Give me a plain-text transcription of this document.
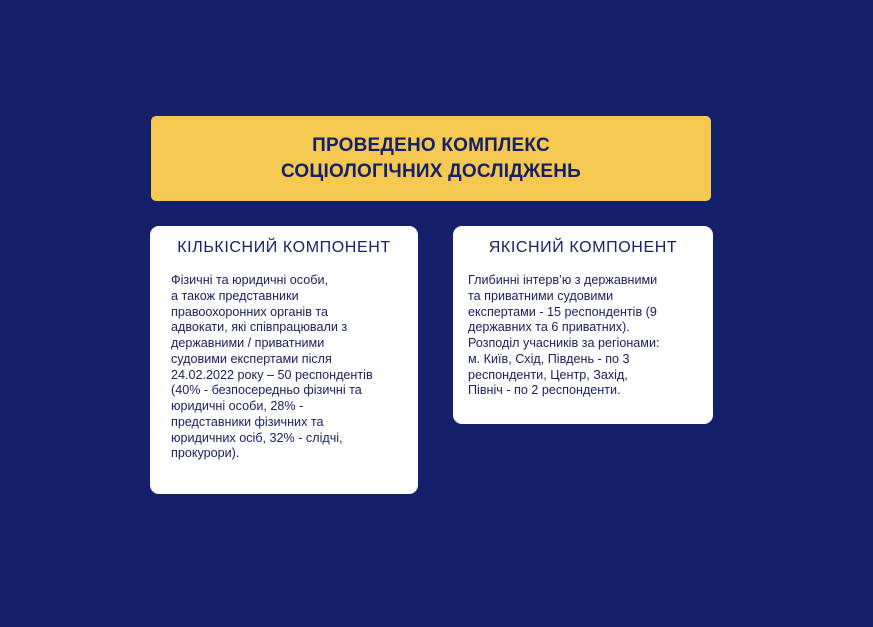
ПРОВЕДЕНО КОМПЛЕКС
СОЦІОЛОГІЧНИХ ДОСЛІДЖЕНЬ
КІЛЬКІСНИЙ КОМПОНЕНТ

Фізичні та юридичні особи,
а також представники
правоохоронних органів та
адвокати, які співпрацювали з
державними / приватними
судовими експертами після
24.02.2022 року – 50 респондентів
(40% - безпосередньо фізичні та
юридичні особи, 28% -
представники фізичних та
юридичних осіб, 32% - слідчі,
прокурори).

ЯКІСНИЙ КОМПОНЕНТ

Глибинні інтерв’ю з державними
та приватними судовими
експертами - 15 респондентів (9
державних та 6 приватних).
Розподіл учасників за регіонами:
м. Київ, Схід, Південь - по 3
респонденти, Центр, Захід,
Північ - по 2 респонденти.
